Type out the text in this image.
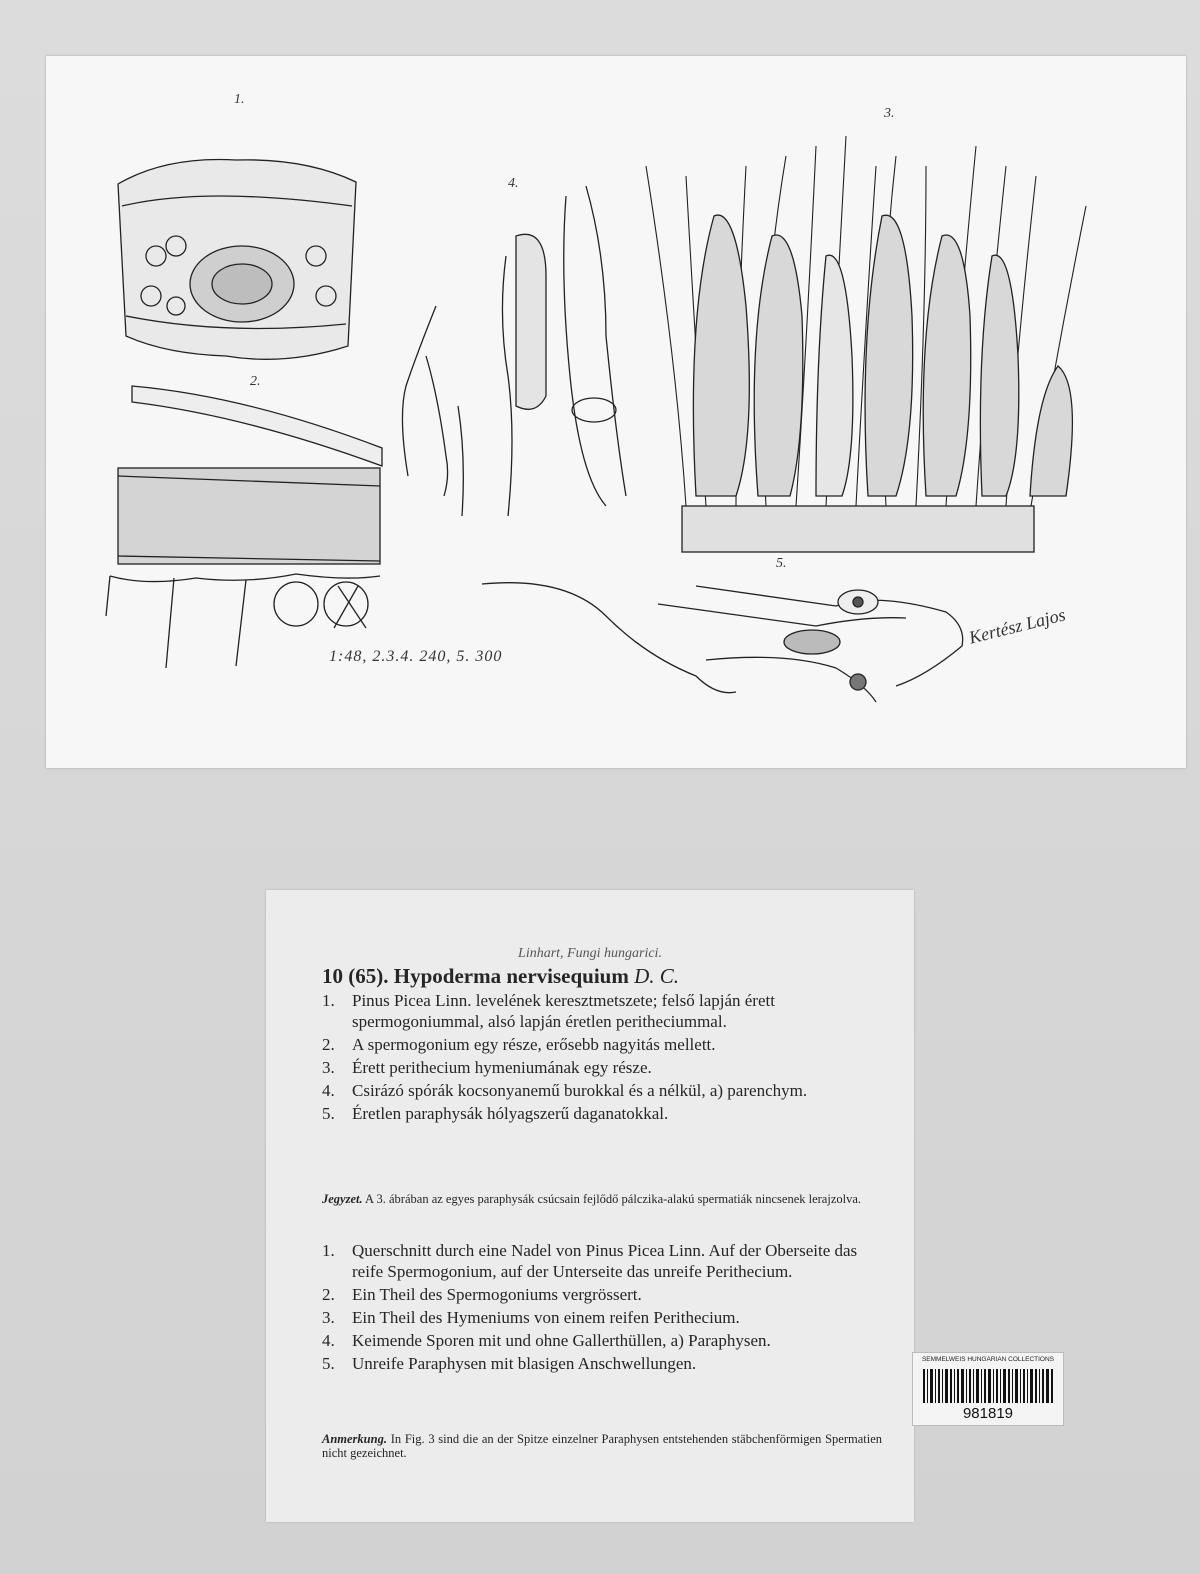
1.
2.
3.
4.
5.
1:48, 2.3.4. 240, 5. 300
Kertész Lajos
Linhart, Fungi hungarici.
10 (65). Hypoderma nervisequium D. C.
1. Pinus Picea Linn. levelének keresztmetszete; felső lapján érett spermogoniummal, alsó lapján éretlen peritheciummal.
2. A spermogonium egy része, erősebb nagyitás mellett.
3. Érett perithecium hymeniumának egy része.
4. Csirázó spórák kocsonyanemű burokkal és a nélkül, a) parenchym.
5. Éretlen paraphysák hólyagszerű daganatokkal.
Jegyzet. A 3. ábrában az egyes paraphysák csúcsain fejlődő pálczika-alakú spermatiák nincsenek lerajzolva.
1. Querschnitt durch eine Nadel von Pinus Picea Linn. Auf der Oberseite das reife Spermogonium, auf der Unterseite das unreife Perithecium.
2. Ein Theil des Spermogoniums vergrössert.
3. Ein Theil des Hymeniums von einem reifen Perithecium.
4. Keimende Sporen mit und ohne Gallerthüllen, a) Paraphysen.
5. Unreife Paraphysen mit blasigen Anschwellungen.
Anmerkung. In Fig. 3 sind die an der Spitze einzelner Paraphysen entstehenden stäbchenförmigen Spermatien nicht gezeichnet.
SEMMELWEIS HUNGARIAN COLLECTIONS
981819
